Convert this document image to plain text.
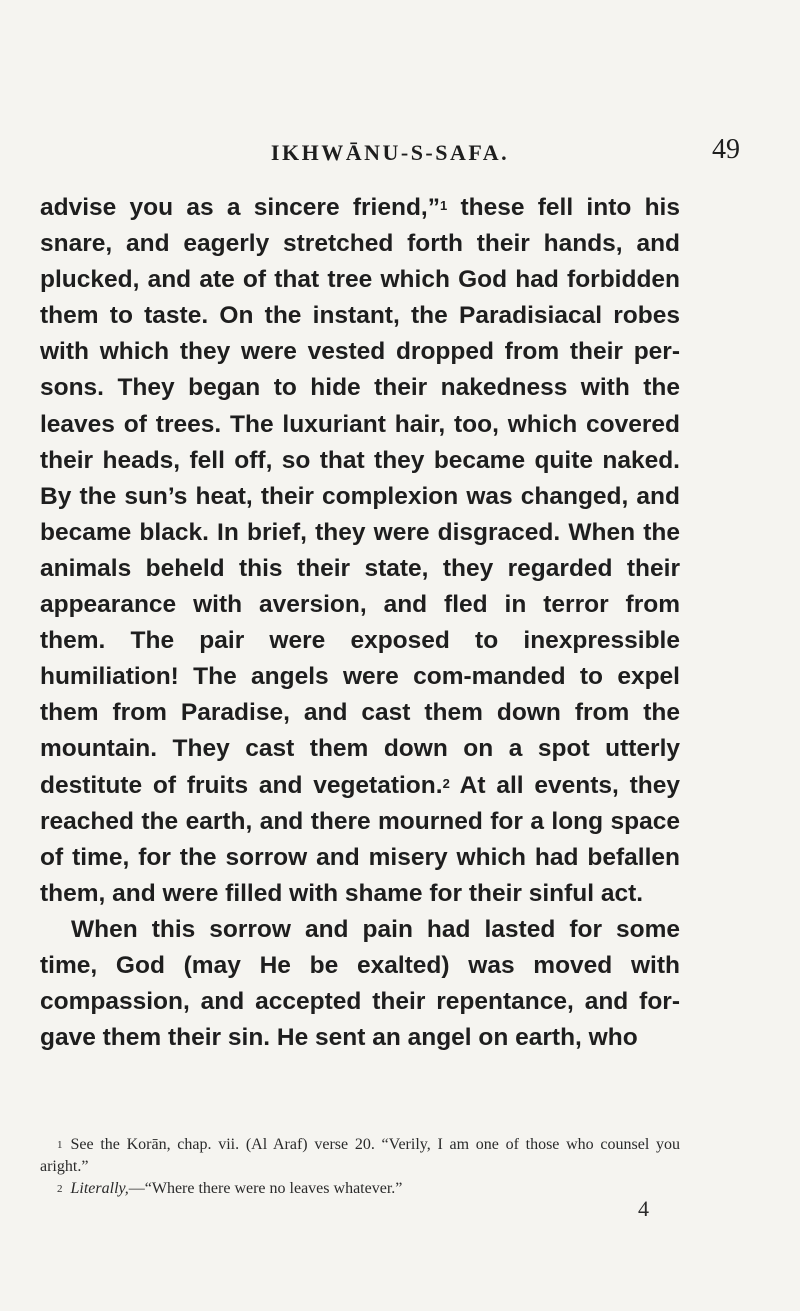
IKHWĀNU-S-SAFA.	49

advise you as a sincere friend,”$^1$ these fell into his snare, and eagerly stretched forth their hands, and plucked, and ate of that tree which God had forbidden them to taste. On the instant, the Paradisiacal robes with which they were vested dropped from their per-sons. They began to hide their nakedness with the leaves of trees. The luxuriant hair, too, which covered their heads, fell off, so that they became quite naked. By the sun’s heat, their complexion was changed, and became black. In brief, they were disgraced. When the animals beheld this their state, they regarded their appearance with aversion, and fled in terror from them. The pair were exposed to inexpressible humiliation! The angels were com-manded to expel them from Paradise, and cast them down from the mountain. They cast them down on a spot utterly destitute of fruits and vegetation.$^2$ At all events, they reached the earth, and there mourned for a long space of time, for the sorrow and misery which had befallen them, and were filled with shame for their sinful act.

When this sorrow and pain had lasted for some time, God (may He be exalted) was moved with compassion, and accepted their repentance, and for-gave them their sin. He sent an angel on earth, who

$^1$ See the Korān, chap. vii. (Al Araf) verse 20. “Verily, I am one of those who counsel you aright.”

$^2$ Literally,—“Where there were no leaves whatever.”

4
